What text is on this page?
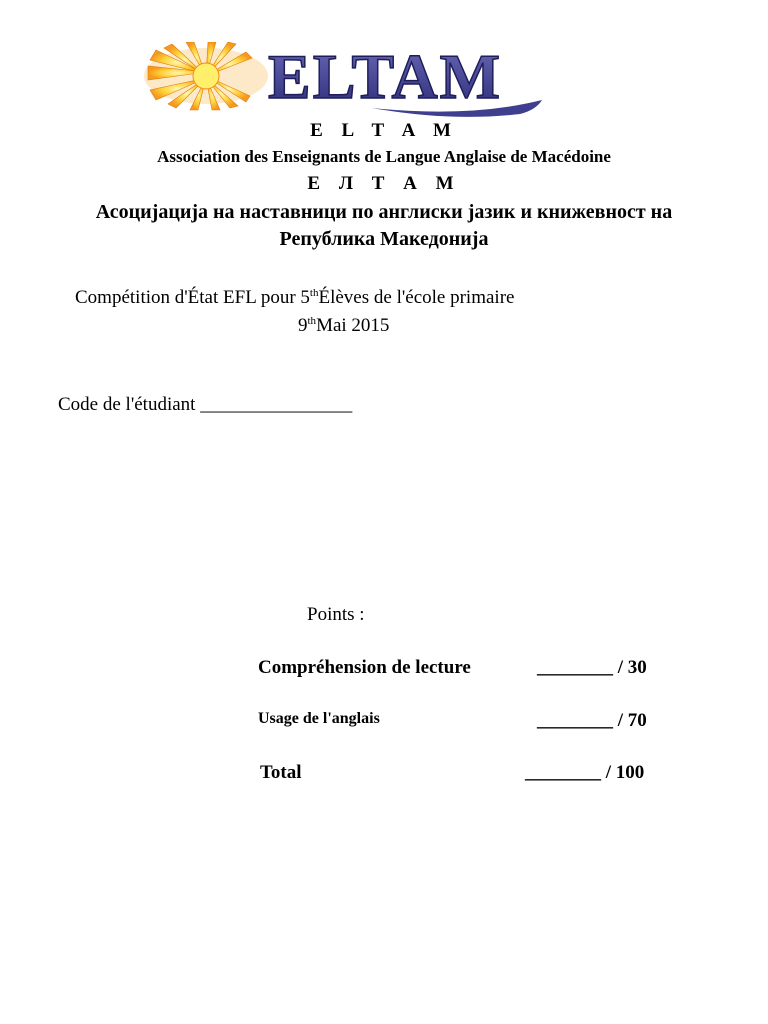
ELTAM
E L T A M
Association des Enseignants de Langue Anglaise de Macédoine
Е Л Т А М
Асоцијација на наставници по англиски јазик и книжевност на
Република Македонија
Compétition d'État EFL pour 5thÉlèves de l'école primaire
9thMai 2015
Code de l'étudiant ________________
Points :
Compréhension de lecture	________ / 30
Usage de l'anglais	________ / 70
Total	________ / 100
